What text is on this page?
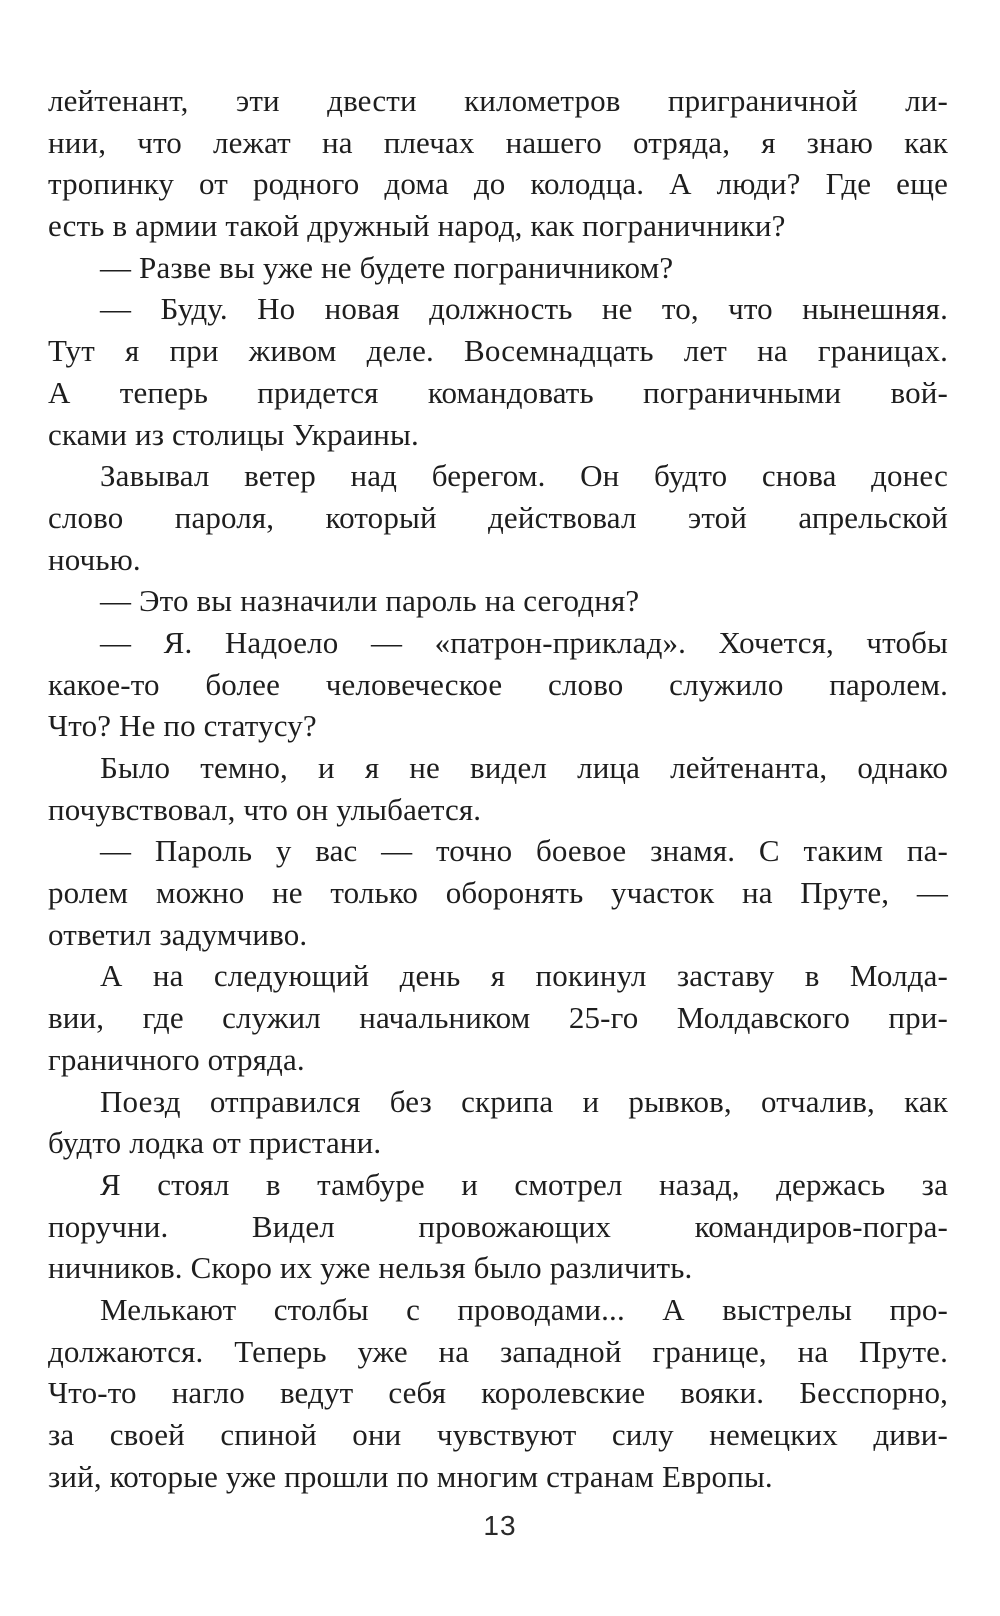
лейтенант, эти двести километров приграничной ли-
нии, что лежат на плечах нашего отряда, я знаю как
тропинку от родного дома до колодца. А люди? Где еще
есть в армии такой дружный народ, как пограничники?
— Разве вы уже не будете пограничником?
— Буду. Но новая должность не то, что нынешняя.
Тут я при живом деле. Восемнадцать лет на границах.
А теперь придется командовать пограничными вой-
сками из столицы Украины.
Завывал ветер над берегом. Он будто снова донес
слово пароля, который действовал этой апрельской
ночью.
— Это вы назначили пароль на сегодня?
— Я. Надоело — «патрон-приклад». Хочется, чтобы
какое-то более человеческое слово служило паролем.
Что? Не по статусу?
Было темно, и я не видел лица лейтенанта, однако
почувствовал, что он улыбается.
— Пароль у вас — точно боевое знамя. С таким па-
ролем можно не только оборонять участок на Пруте, —
ответил задумчиво.
А на следующий день я покинул заставу в Молда-
вии, где служил начальником 25-го Молдавского при-
граничного отряда.
Поезд отправился без скрипа и рывков, отчалив, как
будто лодка от пристани.
Я стоял в тамбуре и смотрел назад, держась за
поручни. Видел провожающих командиров-погра-
ничников. Скоро их уже нельзя было различить.
Мелькают столбы с проводами... А выстрелы про-
должаются. Теперь уже на западной границе, на Пруте.
Что-то нагло ведут себя королевские вояки. Бесспорно,
за своей спиной они чувствуют силу немецких диви-
зий, которые уже прошли по многим странам Европы.
13
